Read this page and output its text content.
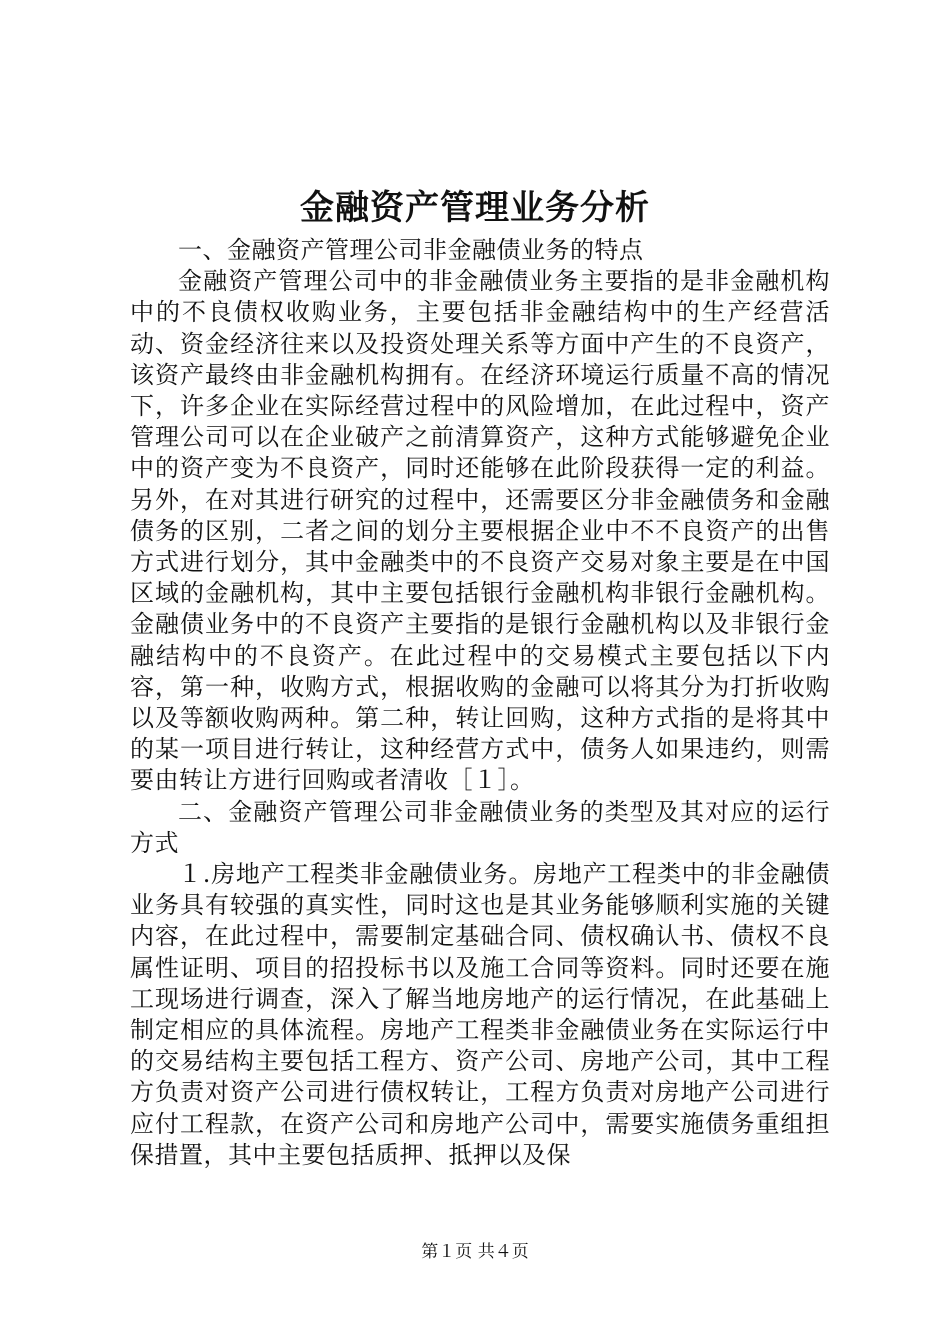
金融资产管理业务分析

一、金融资产管理公司非金融债业务的特点

金融资产管理公司中的非金融债业务主要指的是非金融机构中的不良债权收购业务，主要包括非金融结构中的生产经营活动、资金经济往来以及投资处理关系等方面中产生的不良资产，该资产最终由非金融机构拥有。在经济环境运行质量不高的情况下，许多企业在实际经营过程中的风险增加，在此过程中，资产管理公司可以在企业破产之前清算资产，这种方式能够避免企业中的资产变为不良资产，同时还能够在此阶段获得一定的利益。另外，在对其进行研究的过程中，还需要区分非金融债务和金融债务的区别，二者之间的划分主要根据企业中不不良资产的出售方式进行划分，其中金融类中的不良资产交易对象主要是在中国区域的金融机构，其中主要包括银行金融机构非银行金融机构。金融债业务中的不良资产主要指的是银行金融机构以及非银行金融结构中的不良资产。在此过程中的交易模式主要包括以下内容，第一种，收购方式，根据收购的金融可以将其分为打折收购以及等额收购两种。第二种，转让回购，这种方式指的是将其中的某一项目进行转让，这种经营方式中，债务人如果违约，则需要由转让方进行回购或者清收［１］。

二、金融资产管理公司非金融债业务的类型及其对应的运行方式

１.房地产工程类非金融债业务。房地产工程类中的非金融债业务具有较强的真实性，同时这也是其业务能够顺利实施的关键内容，在此过程中，需要制定基础合同、债权确认书、债权不良属性证明、项目的招投标书以及施工合同等资料。同时还要在施工现场进行调查，深入了解当地房地产的运行情况，在此基础上制定相应的具体流程。房地产工程类非金融债业务在实际运行中的交易结构主要包括工程方、资产公司、房地产公司，其中工程方负责对资产公司进行债权转让，工程方负责对房地产公司进行应付工程款，在资产公司和房地产公司中，需要实施债务重组担保措置，其中主要包括质押、抵押以及保

第１页 共４页
